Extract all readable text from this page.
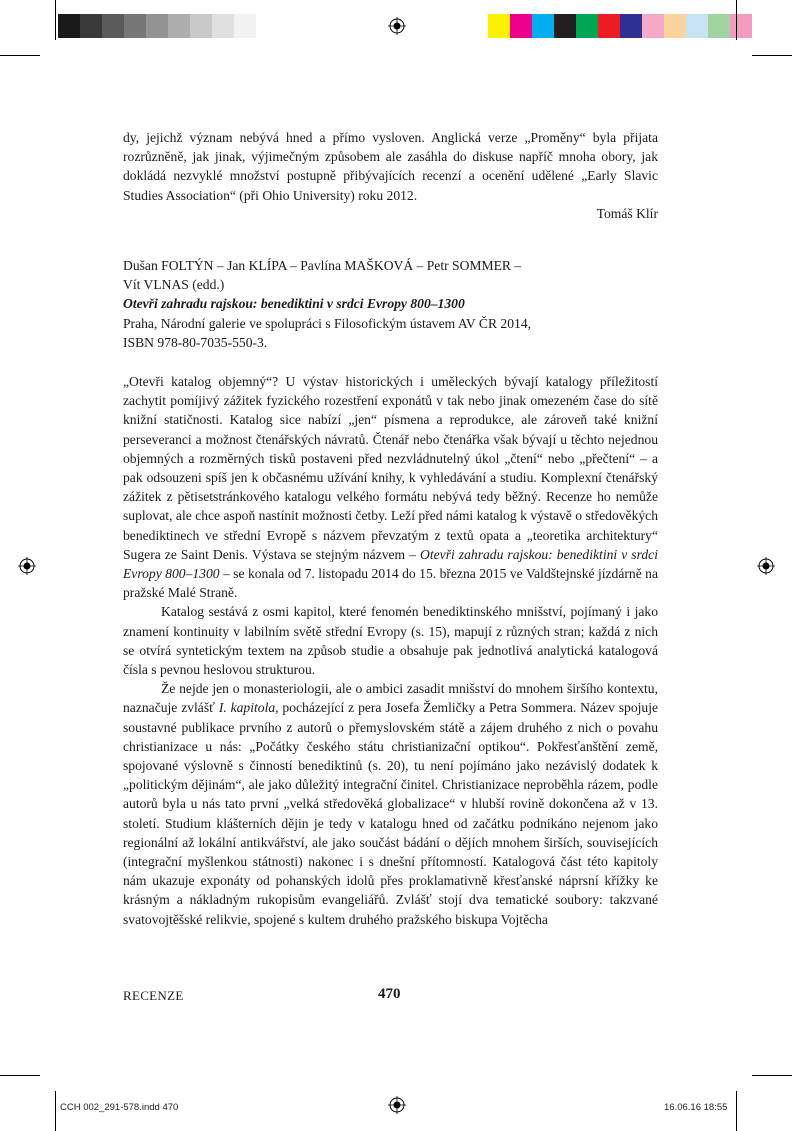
dy, jejichž význam nebývá hned a přímo vysloven. Anglická verze „Proměny“ byla přijata rozrůzněně, jak jinak, výjimečným způsobem ale zasáhla do diskuse napříč mnoha obory, jak dokládá nezvyklé množství postupně přibývajících recenzí a ocenění udělené „Early Slavic Studies Association“ (při Ohio University) roku 2012.

Tomáš Klír
Dušan FOLTÝN – Jan KLÍPA – Pavlína MAŠKOVÁ – Petr SOMMER –
Vít VLNAS (edd.)
Otevři zahradu rajskou: benediktini v srdci Evropy 800–1300
Praha, Národní galerie ve spolupráci s Filosofickým ústavem AV ČR 2014,
ISBN 978-80-7035-550-3.

„Otevři katalog objemný“? U výstav historických i uměleckých bývají katalogy příležitostí zachytit pomíjivý zážitek fyzického rozestření exponátů v tak nebo jinak omezeném čase do sítě knižní statičnosti. Katalog sice nabízí „jen“ písmena a reprodukce, ale zároveň také knižní perseveranci a možnost čtenářských návratů. Čtenář nebo čtenářka však bývají u těchto nejednou objemných a rozměrných tisků postaveni před nezvládnutelný úkol „čtení“ nebo „přečtení“ – a pak odsouzeni spíš jen k občasnému užívání knihy, k vyhledávání a studiu. Komplexní čtenářský zážitek z pětisetstránkového katalogu velkého formátu nebývá tedy běžný. Recenze ho nemůže suplovat, ale chce aspoň nastínit možnosti četby. Leží před námi katalog k výstavě o středověkých benediktinech ve střední Evropě s názvem převzatým z textů opata a „teoretika architektury“ Sugera ze Saint Denis. Výstava se stejným názvem – Otevři zahradu rajskou: benediktini v srdci Evropy 800–1300 – se konala od 7. listopadu 2014 do 15. března 2015 ve Valdštejnské jízdárně na pražské Malé Straně.

Katalog sestává z osmi kapitol, které fenomén benediktinského mnišství, pojímaný i jako znamení kontinuity v labilním světě střední Evropy (s. 15), mapují z různých stran; každá z nich se otvírá syntetickým textem na způsob studie a obsahuje pak jednotlivá analytická katalogová čísla s pevnou heslovou strukturou.

Že nejde jen o monasteriologii, ale o ambici zasadit mnišství do mnohem širšího kontextu, naznačuje zvlášť I. kapitola, pocházející z pera Josefa Žemličky a Petra Sommera. Název spojuje soustavné publikace prvního z autorů o přemyslovském státě a zájem druhého z nich o povahu christianizace u nás: „Počátky českého státu christianizační optikou“. Pokřesťanštění země, spojované výslovně s činností benediktinů (s. 20), tu není pojímáno jako nezávislý dodatek k „politickým dějinám“, ale jako důležitý integrační činitel. Christianizace neproběhla rázem, podle autorů byla u nás tato první „velká středověká globalizace“ v hlubší rovině dokončena až v 13. století. Studium klášterních dějin je tedy v katalogu hned od začátku podnikáno nejenom jako regionální až lokální antikvářství, ale jako součást bádání o dějích mnohem širších, souvisejících (integrační myšlenkou státnosti) nakonec i s dnešní přítomností. Katalogová část této kapitoly nám ukazuje exponáty od pohanských idolů přes proklamativně křesťanské náprsní křížky ke krásným a nákladným rukopisům evangeliářů. Zvlášť stojí dva tematické soubory: takzvané svatovojtěšské relikvie, spojené s kultem druhého pražského biskupa Vojtěcha

RECENZE	470
CCH 002_291-578.indd 470	16.06.16 18:55
